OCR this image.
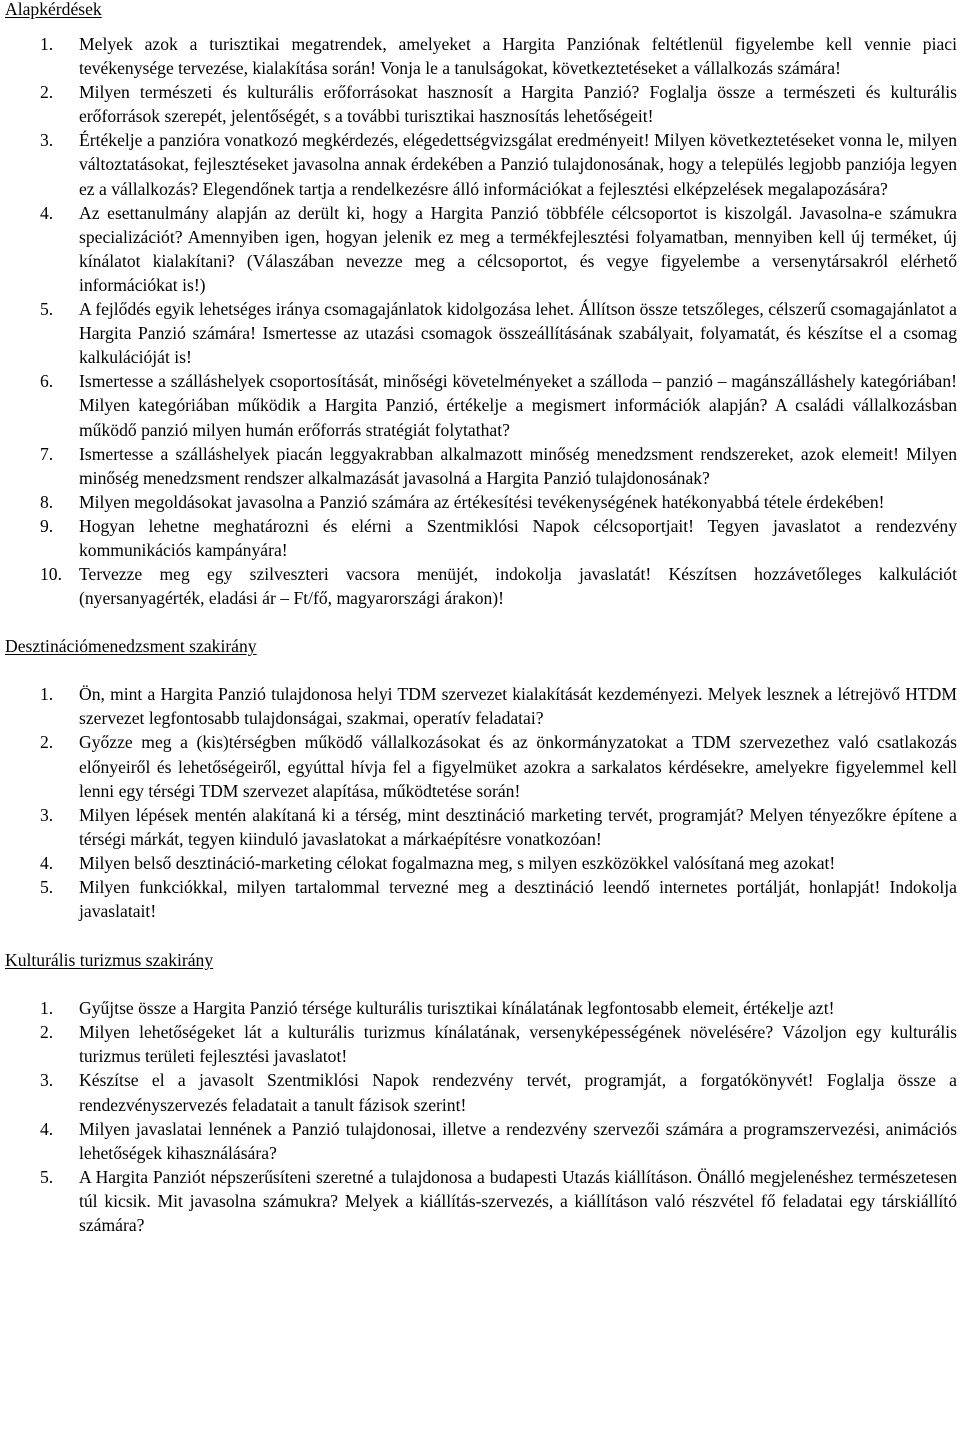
Alapkérdések
1. Melyek azok a turisztikai megatrendek, amelyeket a Hargita Panziónak feltétlenül figyelembe kell vennie piaci tevékenysége tervezése, kialakítása során! Vonja le a tanulságokat, következtetéseket a vállalkozás számára!
2. Milyen természeti és kulturális erőforrásokat hasznosít a Hargita Panzió? Foglalja össze a természeti és kulturális erőforrások szerepét, jelentőségét, s a további turisztikai hasznosítás lehetőségeit!
3. Értékelje a panzióra vonatkozó megkérdezés, elégedettségvizsgálat eredményeit! Milyen következtetéseket vonna le, milyen változtatásokat, fejlesztéseket javasolna annak érdekében a Panzió tulajdonosának, hogy a település legjobb panziója legyen ez a vállalkozás? Elegendőnek tartja a rendelkezésre álló információkat a fejlesztési elképzelések megalapozására?
4. Az esettanulmány alapján az derült ki, hogy a Hargita Panzió többféle célcsoportot is kiszolgál. Javasolna-e számukra specializációt? Amennyiben igen, hogyan jelenik ez meg a termékfejlesztési folyamatban, mennyiben kell új terméket, új kínálatot kialakítani? (Válaszában nevezze meg a célcsoportot, és vegye figyelembe a versenytársakról elérhető információkat is!)
5. A fejlődés egyik lehetséges iránya csomagajánlatok kidolgozása lehet. Állítson össze tetszőleges, célszerű csomagajánlatot a Hargita Panzió számára! Ismertesse az utazási csomagok összeállításának szabályait, folyamatát, és készítse el a csomag kalkulációját is!
6. Ismertesse a szálláshelyek csoportosítását, minőségi követelményeket a szálloda – panzió – magánszálláshely kategóriában! Milyen kategóriában működik a Hargita Panzió, értékelje a megismert információk alapján? A családi vállalkozásban működő panzió milyen humán erőforrás stratégiát folytathat?
7. Ismertesse a szálláshelyek piacán leggyakrabban alkalmazott minőség menedzsment rendszereket, azok elemeit! Milyen minőség menedzsment rendszer alkalmazását javasolná a Hargita Panzió tulajdonosának?
8. Milyen megoldásokat javasolna a Panzió számára az értékesítési tevékenységének hatékonyabbá tétele érdekében!
9. Hogyan lehetne meghatározni és elérni a Szentmiklósi Napok célcsoportjait! Tegyen javaslatot a rendezvény kommunikációs kampányára!
10. Tervezze meg egy szilveszteri vacsora menüjét, indokolja javaslatát! Készítsen hozzávetőleges kalkulációt (nyersanyagérték, eladási ár – Ft/fő, magyarországi árakon)!
Desztinációmenedzsment szakirány
1. Ön, mint a Hargita Panzió tulajdonosa helyi TDM szervezet kialakítását kezdeményezi. Melyek lesznek a létrejövő HTDM szervezet legfontosabb tulajdonságai, szakmai, operatív feladatai?
2. Győzze meg a (kis)térségben működő vállalkozásokat és az önkormányzatokat a TDM szervezethez való csatlakozás előnyeiről és lehetőségeiről, egyúttal hívja fel a figyelmüket azokra a sarkalatos kérdésekre, amelyekre figyelemmel kell lenni egy térségi TDM szervezet alapítása, működtetése során!
3. Milyen lépések mentén alakítaná ki a térség, mint desztináció marketing tervét, programját? Melyen tényezőkre építene a térségi márkát, tegyen kiinduló javaslatokat a márkaépítésre vonatkozóan!
4. Milyen belső desztináció-marketing célokat fogalmazna meg, s milyen eszközökkel valósítaná meg azokat!
5. Milyen funkciókkal, milyen tartalommal tervezné meg a desztináció leendő internetes portálját, honlapját! Indokolja javaslatait!
Kulturális turizmus szakirány
1. Gyűjtse össze a Hargita Panzió térsége kulturális turisztikai kínálatának legfontosabb elemeit, értékelje azt!
2. Milyen lehetőségeket lát a kulturális turizmus kínálatának, versenyképességének növelésére? Vázoljon egy kulturális turizmus területi fejlesztési javaslatot!
3. Készítse el a javasolt Szentmiklósi Napok rendezvény tervét, programját, a forgatókönyvét! Foglalja össze a rendezvényszervezés feladatait a tanult fázisok szerint!
4. Milyen javaslatai lennének a Panzió tulajdonosai, illetve a rendezvény szervezői számára a programszervezési, animációs lehetőségek kihasználására?
5. A Hargita Panziót népszerűsíteni szeretné a tulajdonosa a budapesti Utazás kiállításon. Önálló megjelenéshez természetesen túl kicsik. Mit javasolna számukra? Melyek a kiállítás-szervezés, a kiállításon való részvétel fő feladatai egy társkiállító számára?
